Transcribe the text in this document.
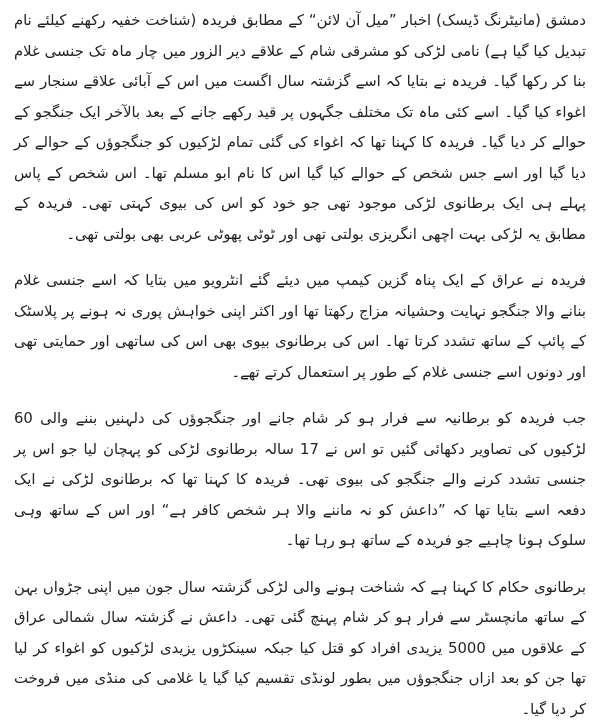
دمشق (مانیٹرنگ ڈیسک) اخبار ”میل آن لائن“ کے مطابق فریدہ (شناخت خفیہ رکھنے کیلئے نام تبدیل کیا گیا ہے) نامی لڑکی کو مشرقی شام کے علاقے دیر الزور میں چار ماہ تک جنسی غلام بنا کر رکھا گیا۔ فریدہ نے بتایا کہ اسے گزشتہ سال اگست میں اس کے آبائی علاقے سنجار سے اغواء کیا گیا۔ اسے کئی ماہ تک مختلف جگہوں پر قید رکھے جانے کے بعد بالآخر ایک جنگجو کے حوالے کر دیا گیا۔ فریدہ کا کہنا تھا کہ اغواء کی گئی تمام لڑکیوں کو جنگجوؤں کے حوالے کر دیا گیا اور اسے جس شخص کے حوالے کیا گیا اس کا نام ابو مسلم تھا۔ اس شخص کے پاس پہلے ہی ایک برطانوی لڑکی موجود تھی جو خود کو اس کی بیوی کہتی تھی۔ فریدہ کے مطابق یہ لڑکی بہت اچھی انگریزی بولتی تھی اور ٹوٹی پھوٹی عربی بھی بولتی تھی۔

فریدہ نے عراق کے ایک پناہ گزین کیمپ میں دیئے گئے انٹرویو میں بتایا کہ اسے جنسی غلام بنانے والا جنگجو نہایت وحشیانہ مزاج رکھتا تھا اور اکثر اپنی خواہش پوری نہ ہونے پر پلاسٹک کے پائپ کے ساتھ تشدد کرتا تھا۔ اس کی برطانوی بیوی بھی اس کی ساتھی اور حمایتی تھی اور دونوں اسے جنسی غلام کے طور پر استعمال کرتے تھے۔

جب فریدہ کو برطانیہ سے فرار ہو کر شام جانے اور جنگجوؤں کی دلہنیں بننے والی 60 لڑکیوں کی تصاویر دکھائی گئیں تو اس نے 17 سالہ برطانوی لڑکی کو پہچان لیا جو اس پر جنسی تشدد کرنے والے جنگجو کی بیوی تھی۔ فریدہ کا کہنا تھا کہ برطانوی لڑکی نے ایک دفعہ اسے بتایا تھا کہ ”داعش کو نہ ماننے والا ہر شخص کافر ہے“ اور اس کے ساتھ وہی سلوک ہونا چاہیے جو فریدہ کے ساتھ ہو رہا تھا۔

برطانوی حکام کا کہنا ہے کہ شناخت ہونے والی لڑکی گزشتہ سال جون میں اپنی جڑواں بہن کے ساتھ مانچسٹر سے فرار ہو کر شام پہنچ گئی تھی۔ داعش نے گزشتہ سال شمالی عراق کے علاقوں میں 5000 یزیدی افراد کو قتل کیا جبکہ سینکڑوں یزیدی لڑکیوں کو اغواء کر لیا تھا جن کو بعد ازاں جنگجوؤں میں بطور لونڈی تقسیم کیا گیا یا غلامی کی منڈی میں فروخت کر دیا گیا۔
